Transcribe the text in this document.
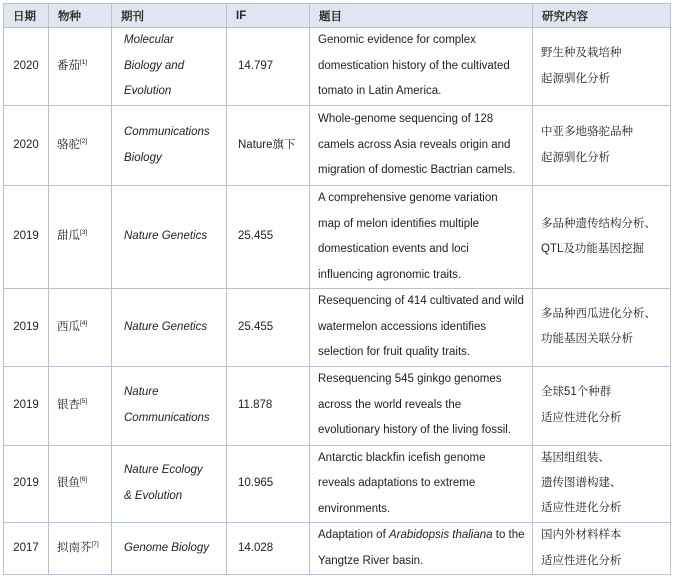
日期	物种	期刊	IF	题目	研究内容
2020	番茄[1]	Molecular
Biology and
Evolution	14.797	Genomic evidence for complex
domestication history of the cultivated
tomato in Latin America.	野生种及栽培种
起源驯化分析

2020	骆驼[2]	Communications
Biology	Nature旗下	Whole-genome sequencing of 128
camels across Asia reveals origin and
migration of domestic Bactrian camels.	中亚多地骆驼品种
起源驯化分析

2019	甜瓜[3]	Nature Genetics	25.455	A comprehensive genome variation
map of melon identifies multiple
domestication events and loci
influencing agronomic traits.	多品种遗传结构分析、
QTL及功能基因挖掘

2019	西瓜[4]	Nature Genetics	25.455	Resequencing of 414 cultivated and wild
watermelon accessions identifies
selection for fruit quality traits.	多品种西瓜进化分析、
功能基因关联分析

2019	银杏[5]	Nature
Communications	11.878	Resequencing 545 ginkgo genomes
across the world reveals the
evolutionary history of the living fossil.	全球51个种群
适应性进化分析

2019	银鱼[6]	Nature Ecology
& Evolution	10.965	Antarctic blackfin icefish genome
reveals adaptations to extreme
environments.	基因组组装、
遗传图谱构建、
适应性进化分析

2017	拟南芥[7]	Genome Biology	14.028	Adaptation of Arabidopsis thaliana to the
Yangtze River basin.	国内外材料样本
适应性进化分析
